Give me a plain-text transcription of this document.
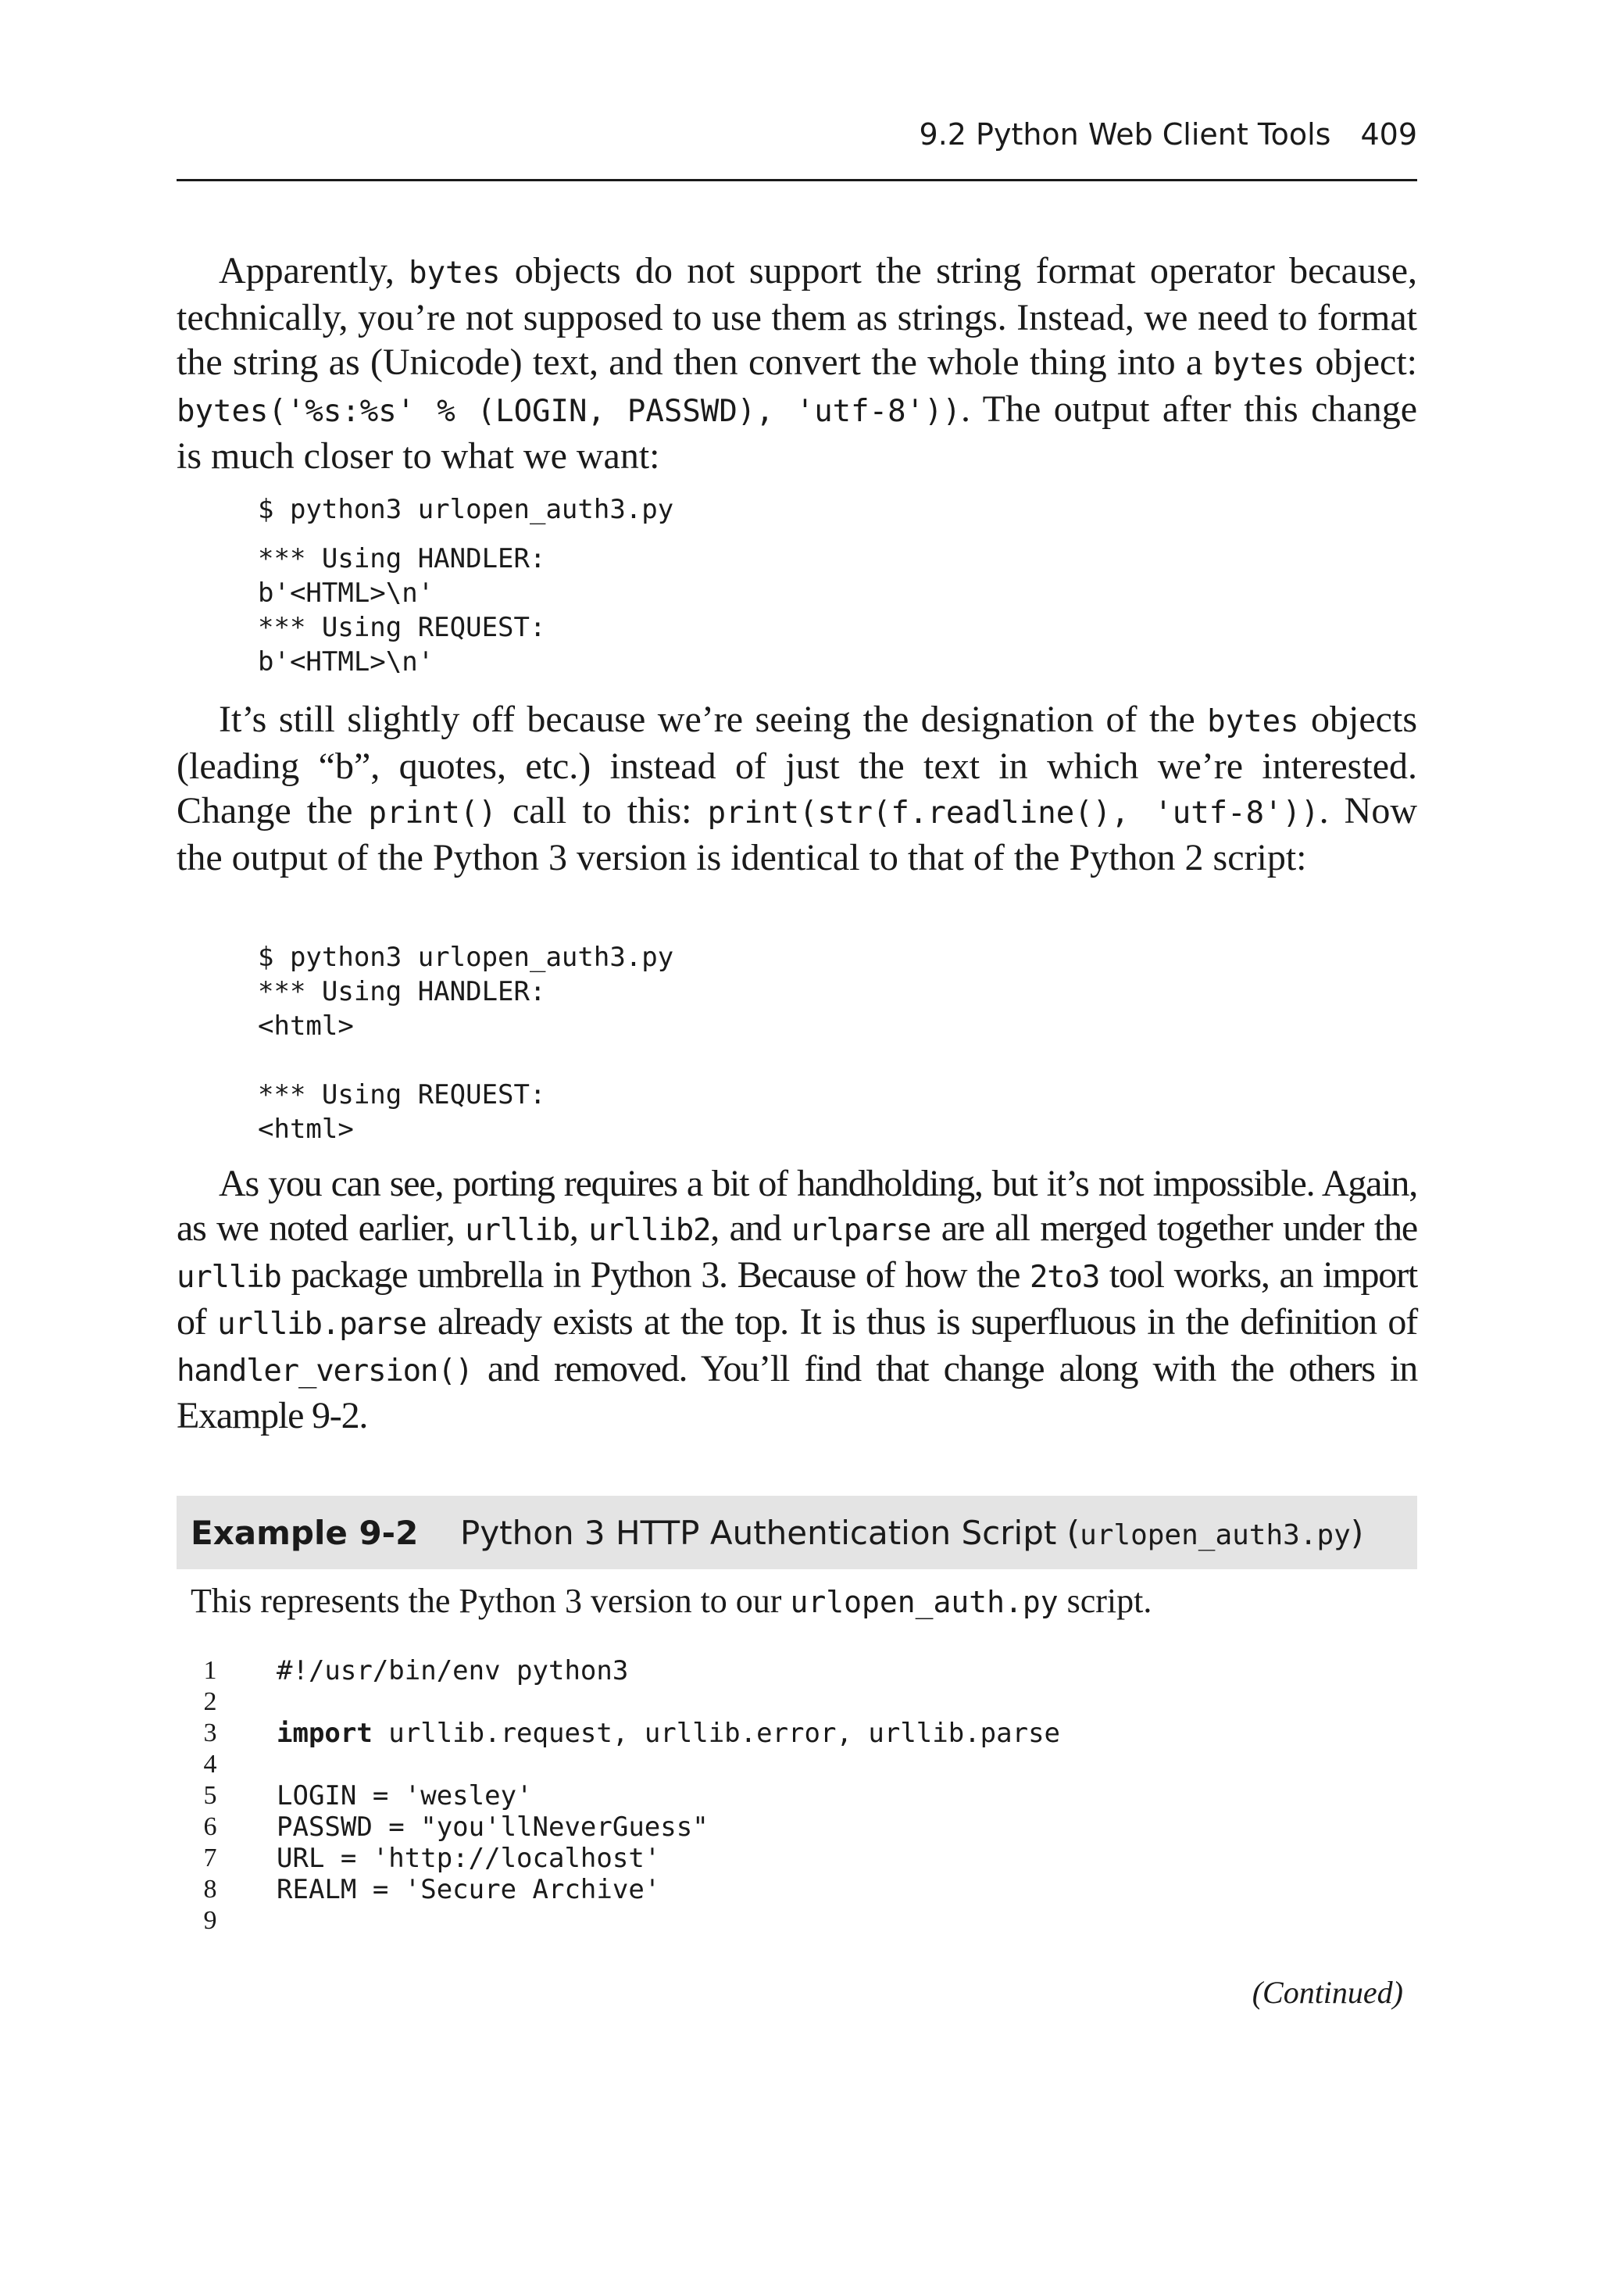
9.2 Python Web Client Tools 409

Apparently, bytes objects do not support the string format operator because, technically, you’re not supposed to use them as strings. Instead, we need to format the string as (Unicode) text, and then convert the whole thing into a bytes object: bytes('%s:%s' % (LOGIN, PASSWD), 'utf-8')). The output after this change is much closer to what we want:

$ python3 urlopen_auth3.py
*** Using HANDLER:
b'<HTML>\n'
*** Using REQUEST:
b'<HTML>\n'

It’s still slightly off because we’re seeing the designation of the bytes objects (leading “b”, quotes, etc.) instead of just the text in which we’re interested. Change the print() call to this: print(str(f.readline(), 'utf-8')). Now the output of the Python 3 version is identical to that of the Python 2 script:

$ python3 urlopen_auth3.py
*** Using HANDLER:
<html>

*** Using REQUEST:
<html>

As you can see, porting requires a bit of handholding, but it’s not impossible. Again, as we noted earlier, urllib, urllib2, and urlparse are all merged together under the urllib package umbrella in Python 3. Because of how the 2to3 tool works, an import of urllib.parse already exists at the top. It is thus is superfluous in the definition of handler_version() and removed. You’ll find that change along with the others in Example 9-2.

Example 9-2	Python 3 HTTP Authentication Script (urlopen_auth3.py)

This represents the Python 3 version to our urlopen_auth.py script.

1	#!/usr/bin/env python3
2
3	import urllib.request, urllib.error, urllib.parse
4
5	LOGIN = 'wesley'
6	PASSWD = "you'llNeverGuess"
7	URL = 'http://localhost'
8	REALM = 'Secure Archive'
9

(Continued)
